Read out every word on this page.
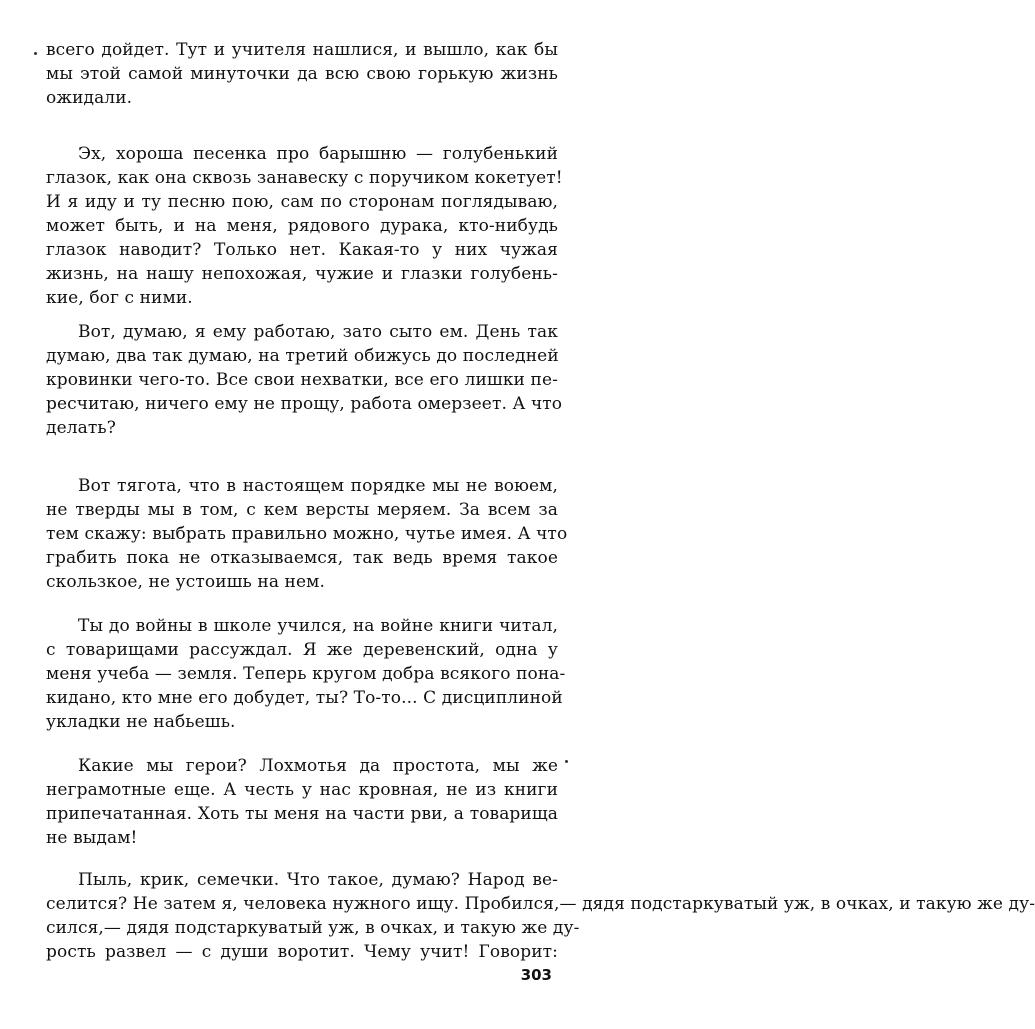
всего дойдет. Тут и учителя нашлися, и вышло, как бы
мы этой самой минуточки да всю свою горькую жизнь
ожидали.
Эх, хороша песенка про барышню — голубенький
глазок, как она сквозь занавеску с поручиком кокетует!
И я иду и ту песню пою, сам по сторонам поглядываю,
может быть, и на меня, рядового дурака, кто-нибудь
глазок наводит? Только нет. Какая-то у них чужая
жизнь, на нашу непохожая, чужие и глазки голубень-
кие, бог с ними.
Вот, думаю, я ему работаю, зато сыто ем. День так
думаю, два так думаю, на третий обижусь до последней
кровинки чего-то. Все свои нехватки, все его лишки пе-
ресчитаю, ничего ему не прощу, работа омерзеет. А что
делать?
Вот тягота, что в настоящем порядке мы не воюем,
не тверды мы в том, с кем версты меряем. За всем за
тем скажу: выбрать правильно можно, чутье имея. А что
грабить пока не отказываемся, так ведь время такое
скользкое, не устоишь на нем.
Ты до войны в школе учился, на войне книги читал,
с товарищами рассуждал. Я же деревенский, одна у
меня учеба — земля. Теперь кругом добра всякого пона-
кидано, кто мне его добудет, ты? То-то... С дисциплиной
укладки не набьешь.
Какие мы герои? Лохмотья да простота, мы же
неграмотные еще. А честь у нас кровная, не из книги
припечатанная. Хоть ты меня на части рви, а товарища
не выдам!
Пыль, крик, семечки. Что такое, думаю? Народ ве-
селится? Не затем я, человека нужного ищу. Пробился,— дядя подстаркуватый уж, в очках, и такую же ду-
сился,— дядя подстаркуватый уж, в очках, и такую же ду-
рость развел — с души воротит. Чему учит! Говорит:
303
